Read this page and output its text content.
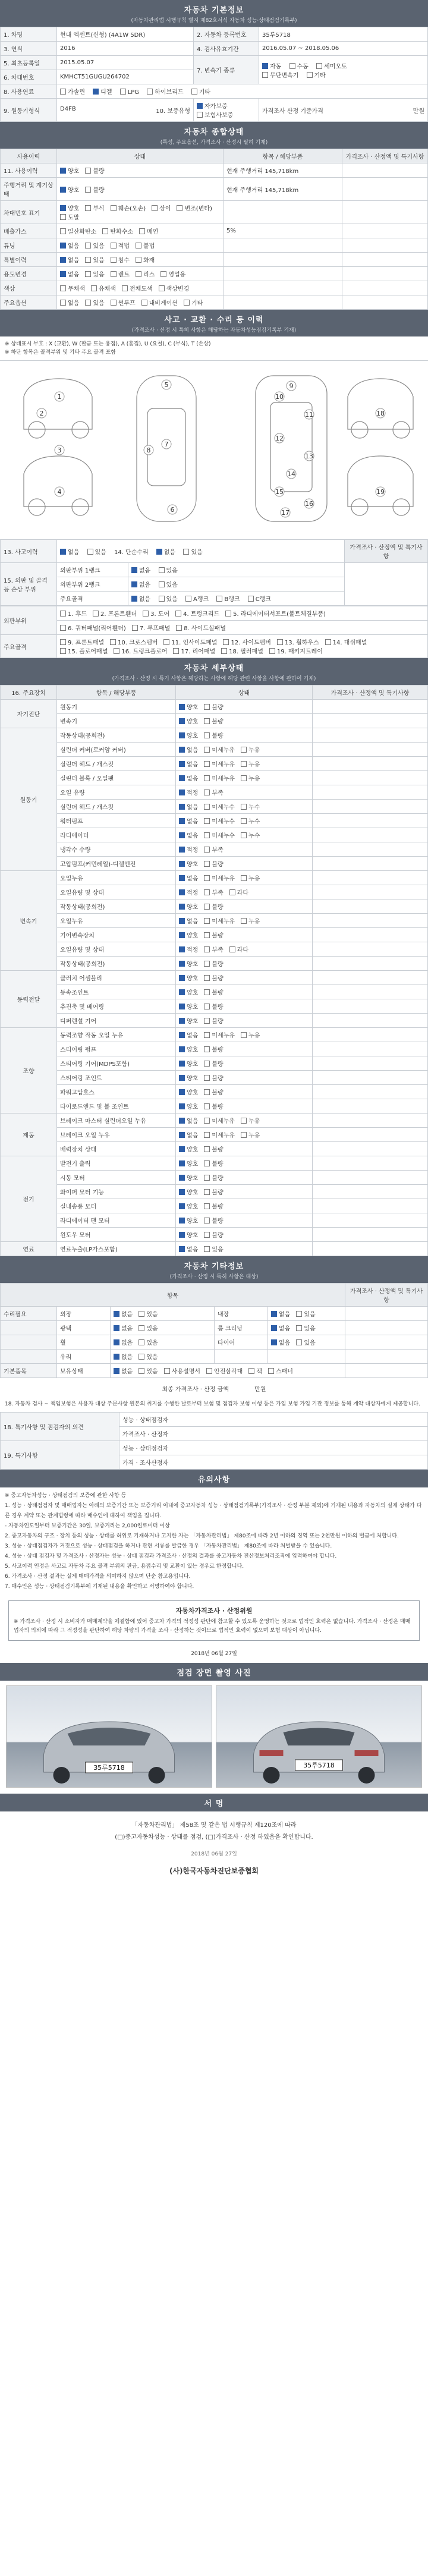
자동차 기본정보
(자동차관리법 시행규칙 별지 제82호서식 자동차 성능·상태점검기록부)
1. 차명	현대 엑센트(신형) (4A1W 5DR)	2. 자동차 등록번호	35루5718
3. 연식	2016	4. 검사유효기간	2016.05.07 ~ 2018.05.06
5. 최초등록일	2015.05.07	7. 변속기 종류	자동 수동 세미오토
무단변속기 기타
6. 차대번호	KMHCT51GUGU264702		
8. 사용연료	가솔린 디젤 LPG 하이브리드 기타		
9. 원동기형식	D4FB 10. 보증유형	자가보증 보험사보증	가격조사 산정 기준가격 만원
자동차 종합상태
(특성, 주요옵션, 가격조사 · 산정시 필히 기재)
사용이력	상태	항목 / 해당부품	가격조사 · 산정액 및 특기사항
11. 사용이력	양호 불량	현재 주행거리 145,718km	
주행거리 및 계기상태	양호 불량	현재 주행거리 145,718km	
차대번호 표기	양호 부식 훼손(오손) 상이 변조(변타)도말		
배출가스	일산화탄소 탄화수소 매연	5%	
튜닝	없음 있음 적법 불법		
특별이력	없음 있음 침수 화재		
용도변경	없음 있음 렌트 리스 영업용		
색상	무채색 유채색 전체도색 색상변경		
주요옵션	없음 있음 썬루프 내비게이션 기타		
사고 · 교환 · 수리 등 이력
(가격조사 · 산정 시 특히 사항은 해당하는 자동차성능점검기록부 기재)
※ 상태표시 부호 : X (교환), W (판금 또는 용접), A (흠집), U (요철), C (부식), T (손상)
※ 하단 항목은 골격부위 및 기타 주요 골격 포함
1
2
3
4
5
6
7
8
9
10
11
12
13
14
15
16
17
18
19
13. 사고이력	없음 있음 14. 단순수리 없음 있음		가격조사 · 산정액 및 특기사항
15. 외판 및 골격 등 손상 부위	외판부위 1랭크	없음 있음	
	외판부위 2랭크	없음 있음	
	주요골격	없음 있음 A랭크 B랭크 C랭크	
외판부위	1. 후드 2. 프론트휀더 3. 도어 4. 트렁크리드 5. 라디에이터서포트(볼트체결부품)
	6. 쿼터패널(리어휀더) 7. 루프패널 8. 사이드실패널
주요골격	9. 프론트패널 10. 크로스멤버 11. 인사이드패널 12. 사이드멤버 13. 휠하우스 14. 대쉬패널15. 플로어패널 16. 트렁크플로어 17. 리어패널 18. 필러패널 19. 패키지트레이
자동차 세부상태
(가격조사 · 산정 시 특기 사항은 해당하는 사항에 해당 관련 사항을 사항에 관하여 기재)
16. 주요장치	항목 / 해당부품	상태	가격조사 · 산정액 및 특기사항
자기진단	원동기	양호 불량	
	변속기	양호 불량	
원동기	작동상태(공회전)	양호 불량	
	실린더 커버(로커암 커버)	없음 미세누유 누유	
	실린더 헤드 / 개스킷	없음 미세누유 누유	
	실린더 블록 / 오일팬	없음 미세누유 누유	
	오일 유량	적정 부족	
	실린더 헤드 / 개스킷	없음 미세누수 누수	
	워터펌프	없음 미세누수 누수	
	라디에이터	없음 미세누수 누수	
	냉각수 수량	적정 부족	
	고압펌프(커먼레일)-디젤엔진	양호 불량	
변속기	오일누유	없음 미세누유 누유	
	오일유량 및 상태	적정 부족 과다	
	작동상태(공회전)	양호 불량	
	오일누유	없음 미세누유 누유	
	기어변속장치	양호 불량	
	오일유량 및 상태	적정 부족 과다	
	작동상태(공회전)	양호 불량	
동력전달	클러치 어셈블리	양호 불량	
	등속조인트	양호 불량	
	추진축 및 베어링	양호 불량	
	디퍼렌셜 기어	양호 불량	
조향	동력조향 작동 오일 누유	없음 미세누유 누유	
	스티어링 펌프	양호 불량	
	스티어링 기어(MDPS포함)	양호 불량	
	스티어링 조인트	양호 불량	
	파워고압호스	양호 불량	
	타이로드엔드 및 볼 조인트	양호 불량	
제동	브레이크 마스터 실린더오일 누유	없음 미세누유 누유	
	브레이크 오일 누유	없음 미세누유 누유	
	배력장치 상태	양호 불량	
전기	발전기 출력	양호 불량	
	시동 모터	양호 불량	
	와이퍼 모터 기능	양호 불량	
	실내송풍 모터	양호 불량	
	라디에이터 팬 모터	양호 불량	
	윈도우 모터	양호 불량	
연료	연료누출(LP가스포함)	없음 있음	
자동차 기타정보
(가격조사 · 산정 시 특히 사항은 대상)
항목					가격조사 · 산정액 및 특기사항
수리필요	외장	없음 있음	내장	없음 있음	
	광택	없음 있음	룸 크리닝	없음 있음	
	휠	없음 있음	타이어	없음 있음	
	유리	없음 있음			
기본품목	보유상태	없음 있음 사용설명서 안전삼각대 잭 스패너			
최종 가격조사 · 산정 금액	만원
18. 자동차 검사 ~ 책임보험은 사용자 대상 주문사항 원본의 취지를 수행한 날로부터 보험 및 점검자 보험 이행 등은 가입 보험 가입 기관 정보를 통해 계약 대상자에게 제공합니다.
18. 특기사항 및 점검자의 의견	성능 · 상태점검자
	가격조사 · 산정자
19. 특기사항	성능 · 상태점검자
	가격 · 조사산정자
유의사항
※ 중고자동차성능 · 상태점검의 보증에 관한 사항 등
1. 성능 · 상태점검자 및 매매업자는 아래의 보증기간 또는 보증거리 이내에 중고자동차 성능 · 상태점검기록부(가격조사 · 산정 부분 제외)에 기재된 내용과 자동차의 실제 상태가 다른 경우 계약 또는 관계법령에 따라 매수인에 대하여 책임을 집니다.
- 자동차인도일부터 보증기간은 30일, 보증거리는 2,000킬로미터 이상
2. 중고자동차의 구조 · 장치 등의 성능 · 상태를 허위로 기재하거나 고지한 자는 「자동차관리법」 제80조에 따라 2년 이하의 징역 또는 2천만원 이하의 벌금에 처합니다.
3. 성능 · 상태점검자가 거짓으로 성능 · 상태점검을 하거나 관련 서류를 발급한 경우 「자동차관리법」 제80조에 따라 처벌받을 수 있습니다.
4. 성능 · 상태 점검자 및 가격조사 · 산정자는 성능 · 상태 점검과 가격조사 · 산정의 결과를 중고자동차 전산정보처리조직에 입력하여야 합니다.
5. 사고이력 인정은 사고로 자동차 주요 골격 부위의 판금, 용접수리 및 교환이 있는 경우로 한정합니다.
6. 가격조사 · 산정 결과는 실제 매매가격을 의미하지 않으며 단순 참고용입니다.
7. 매수인은 성능 · 상태점검기록부에 기재된 내용을 확인하고 서명하여야 합니다.
자동차가격조사 · 산정위원
※ 가격조사 · 산정 시 소비자가 매매계약을 체결함에 있어 중고차 가격의 적정성 판단에 참고할 수 있도록 운영하는 것으로 법적인 효력은 없습니다. 가격조사 · 산정은 매매업자의 의뢰에 따라 그 적정성을 판단하여 해당 차량의 가격을 조사 · 산정하는 것이므로 법적인 효력이 없으며 보험 대상이 아닙니다.
2018년 06월 27일
점검 장면 촬영 사진
35루5718	35루5718
서 명
「자동차관리법」 제58조 및 같은 법 시행규칙 제120조에 따라
(□)중고자동차성능 · 상태를 점검, (□)가격조사 · 산정 하였음을 확인합니다.
2018년 06월 27일
(사)한국자동차진단보증협회
